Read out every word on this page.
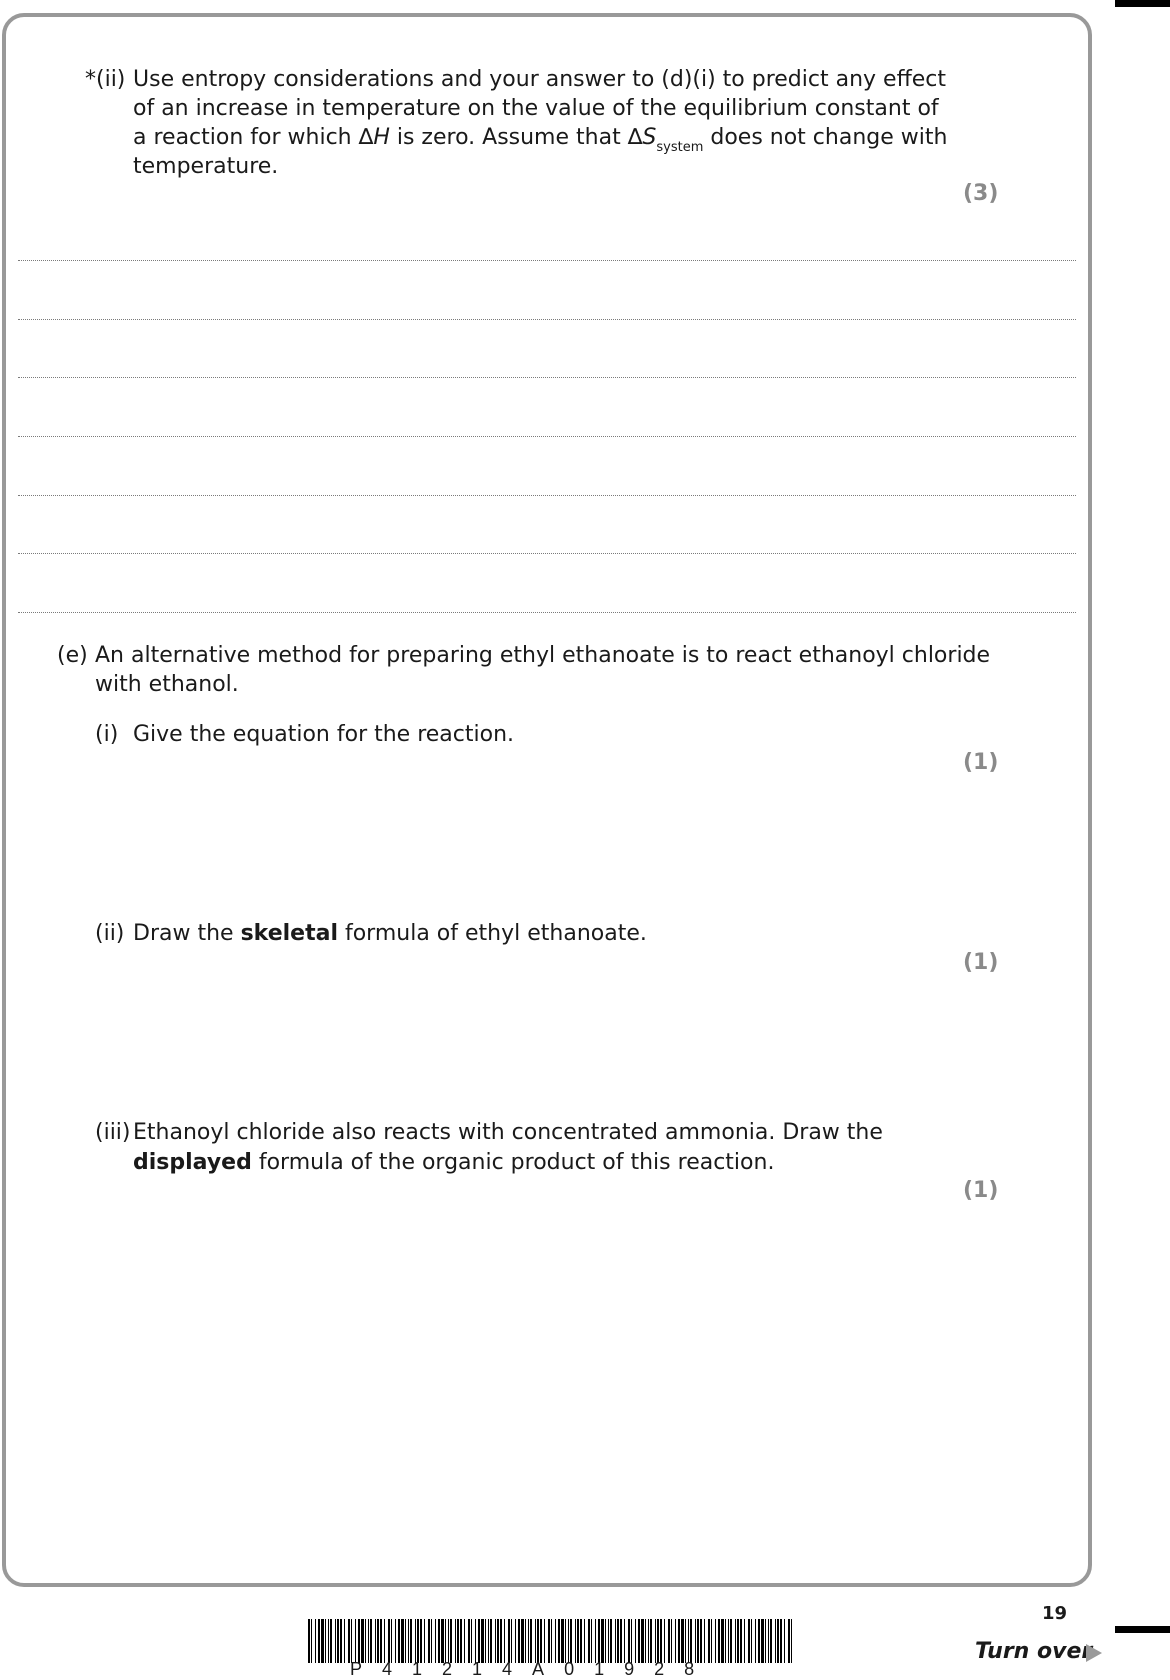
*(ii) Use entropy considerations and your answer to (d)(i) to predict any effect
of an increase in temperature on the value of the equilibrium constant of
a reaction for which ∆H is zero. Assume that $\Delta S_{system}$ does not change with
temperature.
(3)
(e) An alternative method for preparing ethyl ethanoate is to react ethanoyl chloride
with ethanol.
(i) Give the equation for the reaction.
(1)
(ii) Draw the skeletal formula of ethyl ethanoate.
(1)
(iii) Ethanoyl chloride also reacts with concentrated ammonia. Draw the
displayed formula of the organic product of this reaction.
(1)
19
P41214A01928
Turn over
